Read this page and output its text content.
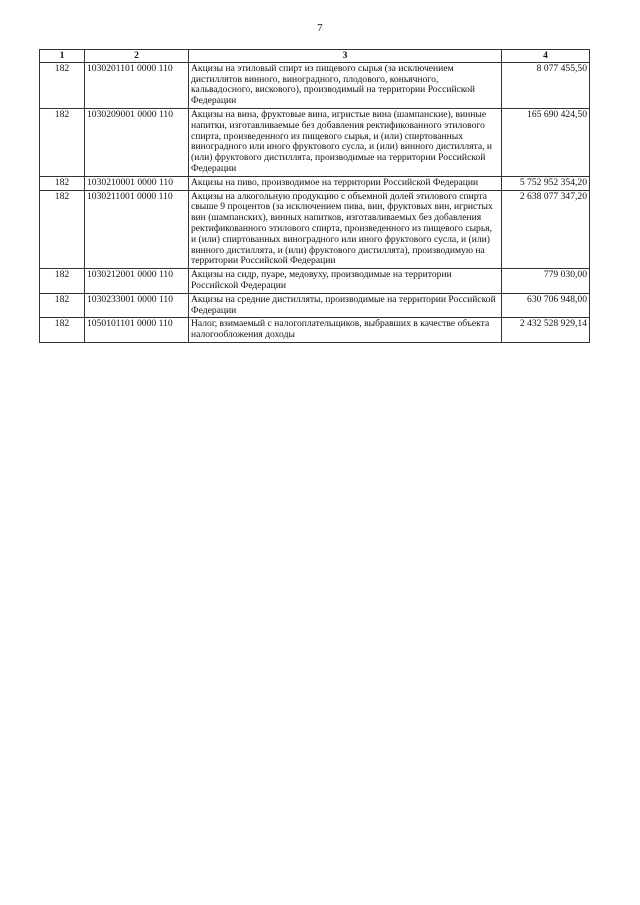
7
1	2	3	4
182	1030201101 0000 110	Акцизы на этиловый спирт из пищевого сырья (за исключением дистиллятов винного, виноградного, плодового, коньячного, кальвадосного, вискового), производимый на территории Российской Федерации	8 077 455,50
182	1030209001 0000 110	Акцизы на вина, фруктовые вина, игристые вина (шампанские), винные напитки, изготавливаемые без добавления ректификованного этилового спирта, произведенного из пищевого сырья, и (или) спиртованных виноградного или иного фруктового сусла, и (или) винного дистиллята, и (или) фруктового дистиллята, производимые на территории Российской Федерации	165 690 424,50
182	1030210001 0000 110	Акцизы на пиво, производимое на территории Российской Федерации	5 752 952 354,20
182	1030211001 0000 110	Акцизы на алкогольную продукцию с объемной долей этилового спирта свыше 9 процентов (за исключением пива, вин, фруктовых вин, игристых вин (шампанских), винных напитков, изготавливаемых без добавления ректификованного этилового спирта, произведенного из пищевого сырья, и (или) спиртованных виноградного или иного фруктового сусла, и (или) винного дистиллята, и (или) фруктового дистиллята), производимую на территории Российской Федерации	2 638 077 347,20
182	1030212001 0000 110	Акцизы на сидр, пуаре, медовуху, производимые на территории Российской Федерации	779 030,00
182	1030233001 0000 110	Акцизы на средние дистилляты, производимые на территории Российской Федерации	630 706 948,00
182	1050101101 0000 110	Налог, взимаемый с налогоплательщиков, выбравших в качестве объекта налогообложения доходы	2 432 528 929,14
